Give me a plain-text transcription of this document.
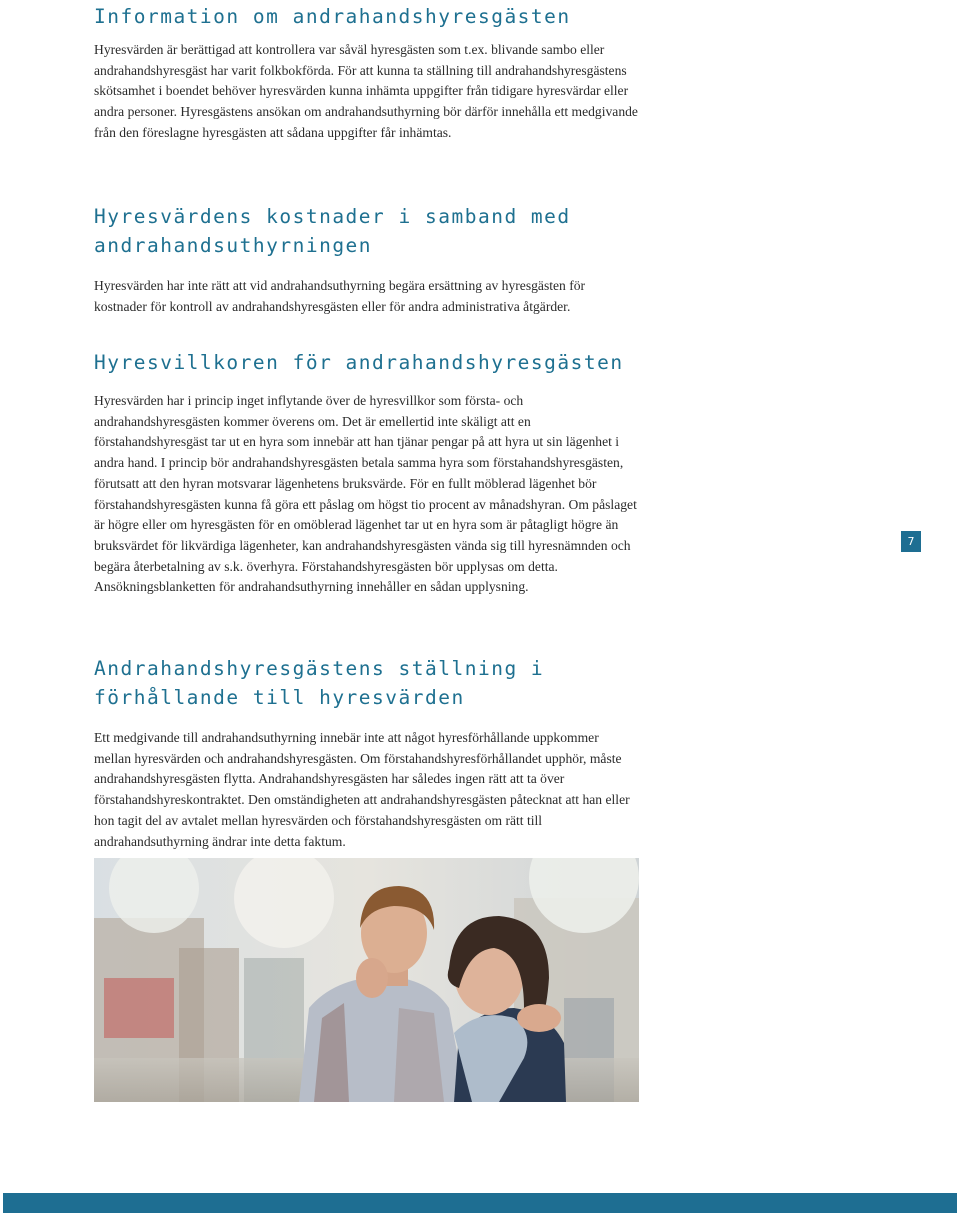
Information om andrahandshyresgästen

Hyresvärden är berättigad att kontrollera var såväl hyresgästen som t.ex. blivande sambo eller andrahandshyresgäst har varit folkbokförda. För att kunna ta ställning till andrahandshyresgästens skötsamhet i boendet behöver hyresvärden kunna inhämta uppgifter från tidigare hyresvärdar eller andra personer. Hyresgästens ansökan om andrahandsuthyrning bör därför innehålla ett medgivande från den föreslagne hyresgästen att sådana uppgifter får inhämtas.

Hyresvärdens kostnader i samband med
andrahandsuthyrningen

Hyresvärden har inte rätt att vid andrahandsuthyrning begära ersättning av hyresgästen för kostnader för kontroll av andrahandshyresgästen eller för andra administrativa åtgärder.

Hyresvillkoren för andrahandshyresgästen

Hyresvärden har i princip inget inflytande över de hyresvillkor som första- och andrahandshyresgästen kommer överens om. Det är emellertid inte skäligt att en förstahandshyresgäst tar ut en hyra som innebär att han tjänar pengar på att hyra ut sin lägenhet i andra hand. I princip bör andrahandshyresgästen betala samma hyra som förstahandshyresgästen, förutsatt att den hyran motsvarar lägenhetens bruksvärde. För en fullt möblerad lägenhet bör förstahandshyresgästen kunna få göra ett påslag om högst tio procent av månadshyran. Om påslaget är högre eller om hyresgästen för en omöblerad lägenhet tar ut en hyra som är påtagligt högre än bruksvärdet för likvärdiga lägenheter, kan andrahandshyresgästen vända sig till hyresnämnden och begära återbetalning av s.k. överhyra. Förstahandshyresgästen bör upplysas om detta. Ansökningsblanketten för andrahandsuthyrning innehåller en sådan upplysning.

Andrahandshyresgästens ställning i
förhållande till hyresvärden

Ett medgivande till andrahandsuthyrning innebär inte att något hyresförhållande uppkommer mellan hyresvärden och andrahandshyresgästen. Om förstahandshyresförhållandet upphör, måste andrahandshyresgästen flytta. Andrahandshyresgästen har således ingen rätt att ta över förstahandshyreskontraktet. Den omständigheten att andrahandshyresgästen påtecknat att han eller hon tagit del av avtalet mellan hyresvärden och förstahandshyresgästen om rätt till andrahandsuthyrning ändrar inte detta faktum.

7
